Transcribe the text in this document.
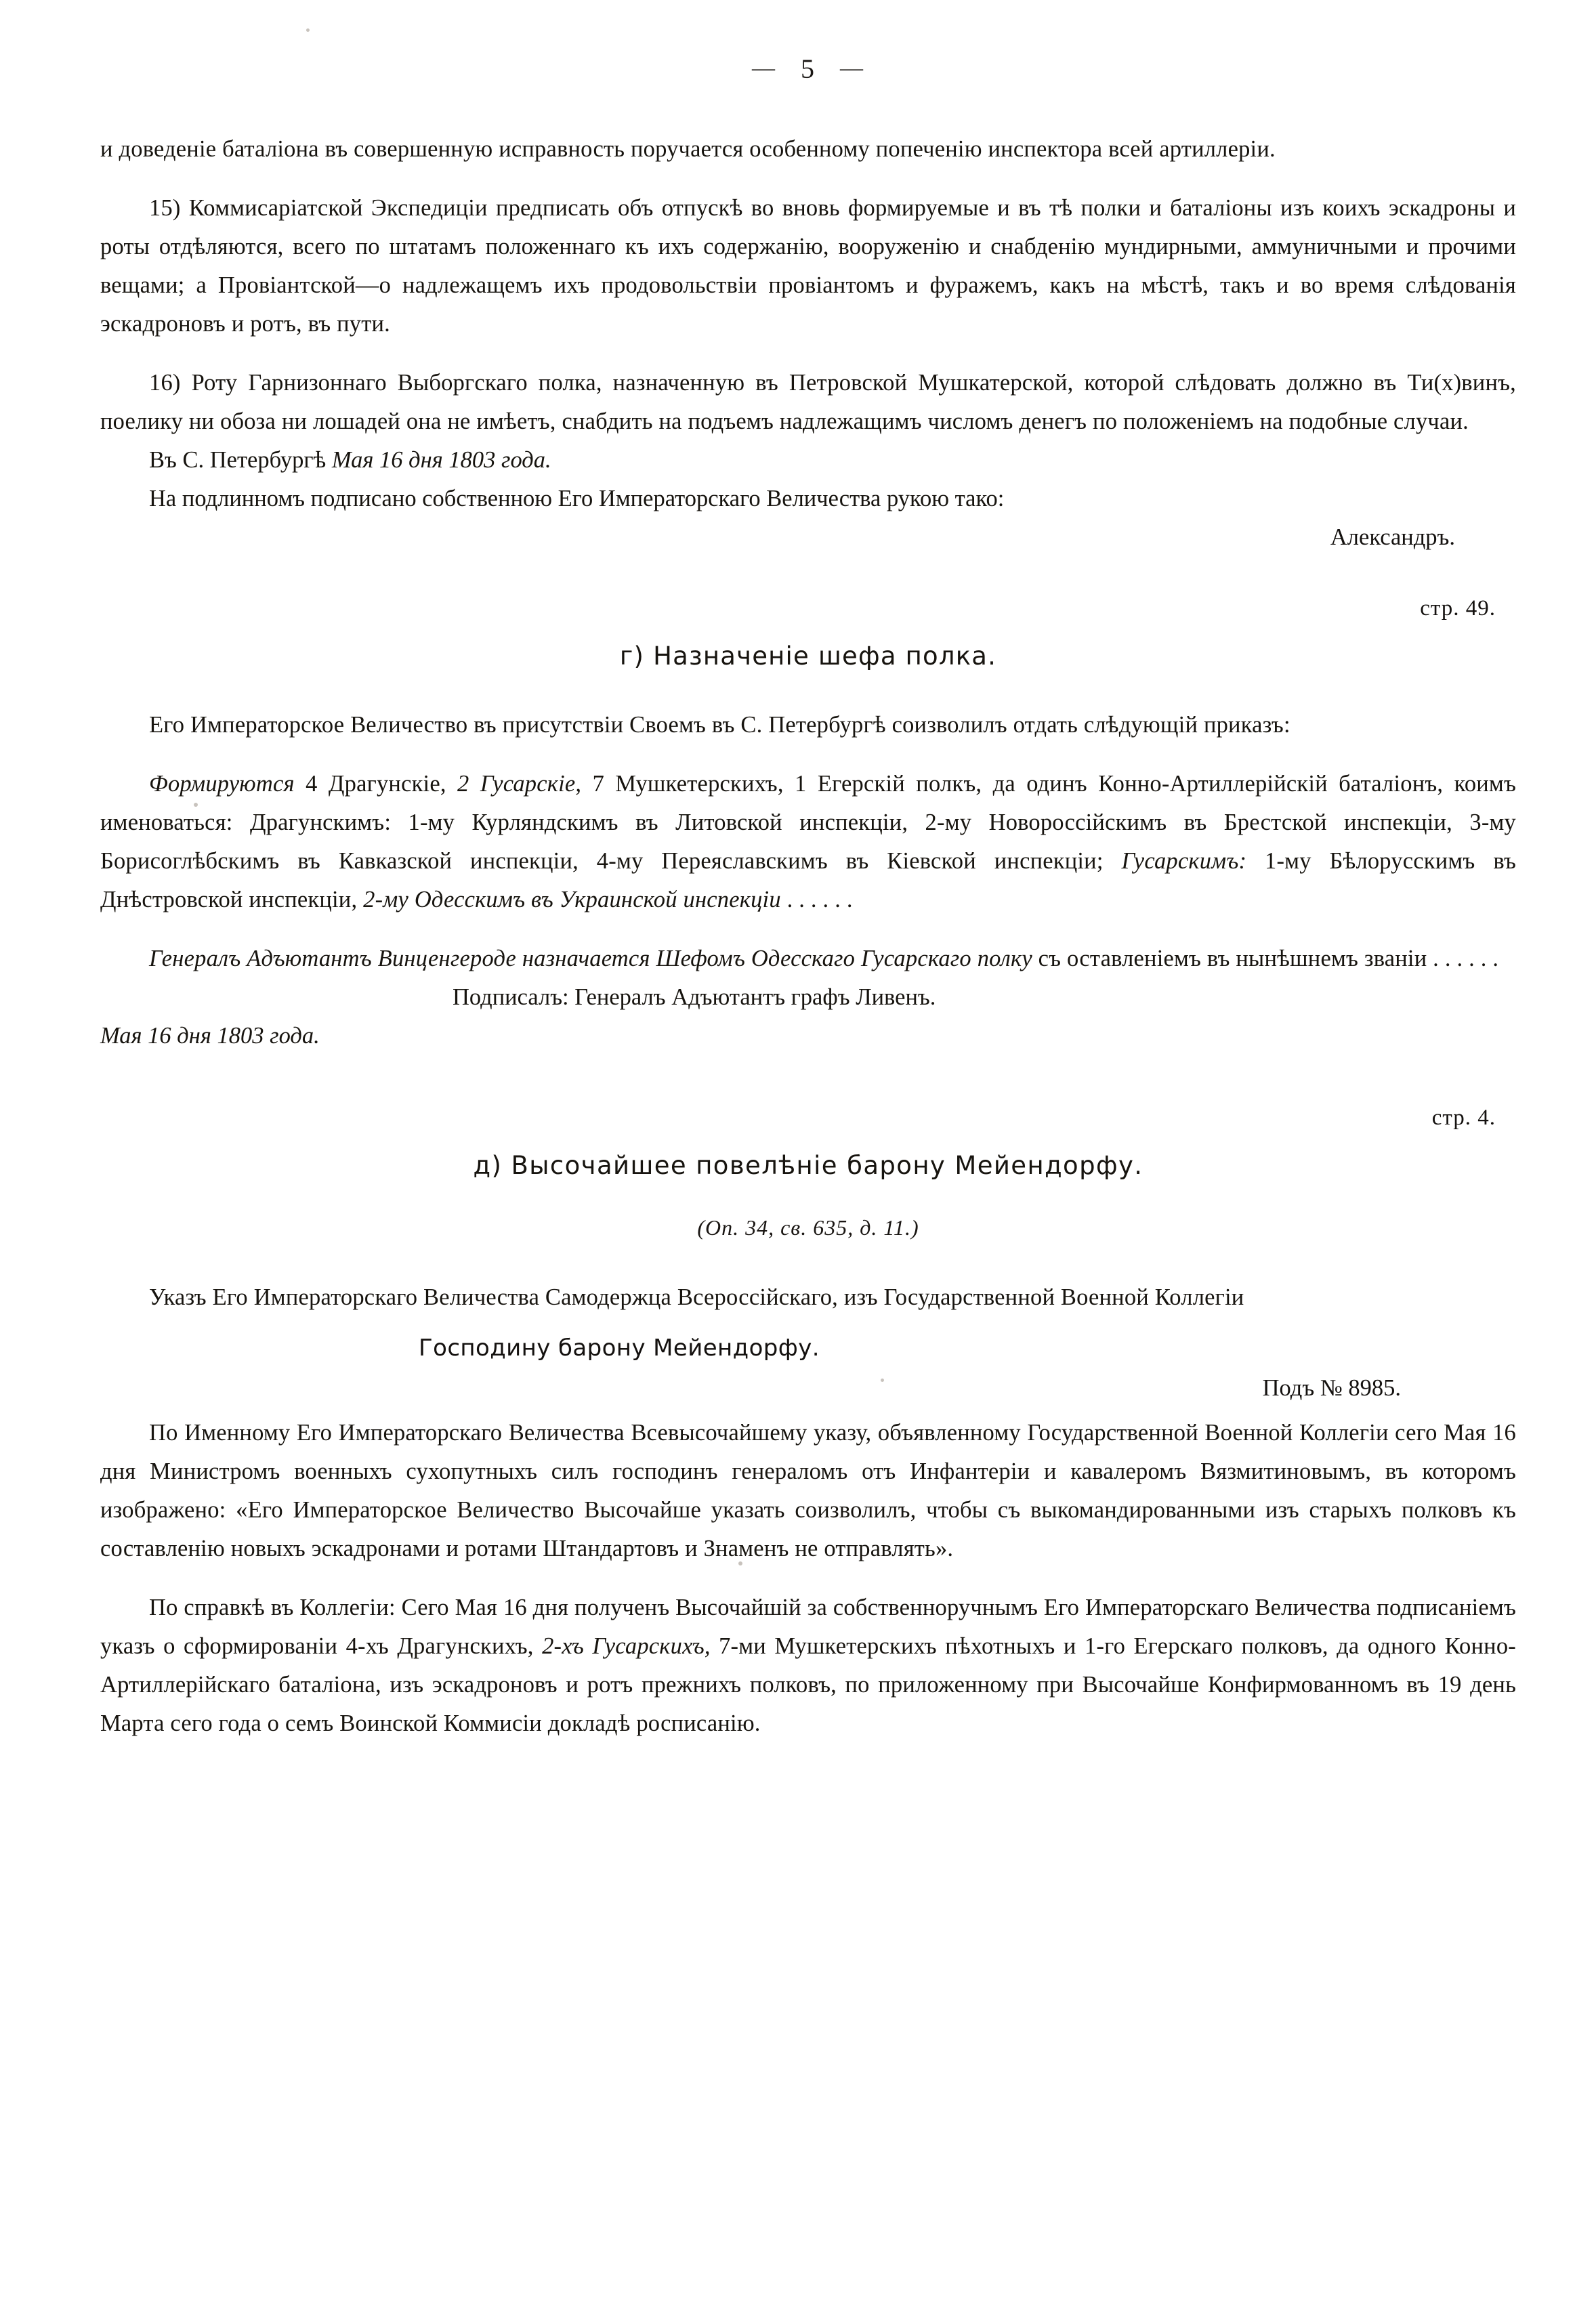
— 5 —

и доведеніе баталіона въ совершенную исправность поручается особенному попеченію инспектора всей артиллеріи.

15) Коммисаріатской Экспедиціи предписать объ отпускѣ во вновь формируемые и въ тѣ полки и баталіоны изъ коихъ эскадроны и роты отдѣляются, всего по штатамъ положеннаго къ ихъ содержанію, вооруженію и снабденію мундирными, аммуничными и прочими вещами; а Провіантской—о надлежащемъ ихъ продовольствіи провіантомъ и фуражемъ, какъ на мѣстѣ, такъ и во время слѣдованія эскадроновъ и ротъ, въ пути.

16) Роту Гарнизоннаго Выборгскаго полка, назначенную въ Петровской Мушкатерской, которой слѣдовать должно въ Ти(х)винъ, поелику ни обоза ни лошадей она не имѣетъ, снабдить на подъемъ надлежащимъ числомъ денегъ по положеніемъ на подобные случаи.

Въ С. Петербургѣ Мая 16 дня 1803 года.
На подлинномъ подписано собственною Его Императорскаго Величества рукою тако:
Александръ.
стр. 49.
г) Назначеніе шефа полка.

Его Императорское Величество въ присутствіи Своемъ въ С. Петербургѣ соизволилъ отдать слѣдующій приказъ:

Формируются 4 Драгунскіе, 2 Гусарскіе, 7 Мушкетерскихъ, 1 Егерскій полкъ, да одинъ Конно-Артиллерійскій баталіонъ, коимъ именоваться: Драгунскимъ: 1-му Курляндскимъ въ Литовской инспекціи, 2-му Новороссійскимъ въ Брестской инспекціи, 3-му Борисоглѣбскимъ въ Кавказской инспекціи, 4-му Переяславскимъ въ Кіевской инспекціи; Гусарскимъ: 1-му Бѣлорусскимъ въ Днѣстровской инспекціи, 2-му Одесскимъ въ Украинской инспекціи . . . . . .

Генералъ Адъютантъ Винценгероде назначается Шефомъ Одесскаго Гусарскаго полку съ оставленіемъ въ нынѣшнемъ званіи . . . . . .

Подписалъ: Генералъ Адъютантъ графъ Ливенъ.
Мая 16 дня 1803 года.
стр. 4.
д) Высочайшее повелѣніе барону Мейендорфу.
(Оп. 34, св. 635, д. 11.)

Указъ Его Императорскаго Величества Самодержца Всероссійскаго, изъ Государственной Военной Коллегіи

Господину барону Мейендорфу.
Подъ № 8985.

По Именному Его Императорскаго Величества Всевысочайшему указу, объявленному Государственной Военной Коллегіи сего Мая 16 дня Министромъ военныхъ сухопутныхъ силъ господинъ генераломъ отъ Инфантеріи и кавалеромъ Вязмитиновымъ, въ которомъ изображено: «Его Императорское Величество Высочайше указать соизволилъ, чтобы съ выкомандированными изъ старыхъ полковъ къ составленію новыхъ эскадронами и ротами Штандартовъ и Знаменъ не отправлять».

По справкѣ въ Коллегіи: Сего Мая 16 дня полученъ Высочайшій за собственноручнымъ Его Императорскаго Величества подписаніемъ указъ о сформированіи 4-хъ Драгунскихъ, 2-хъ Гусарскихъ, 7-ми Мушкетерскихъ пѣхотныхъ и 1-го Егерскаго полковъ, да одного Конно-Артиллерійскаго баталіона, изъ эскадроновъ и ротъ прежнихъ полковъ, по приложенному при Высочайше Конфирмованномъ въ 19 день Марта сего года о семъ Воинской Коммисіи докладѣ росписанію.
